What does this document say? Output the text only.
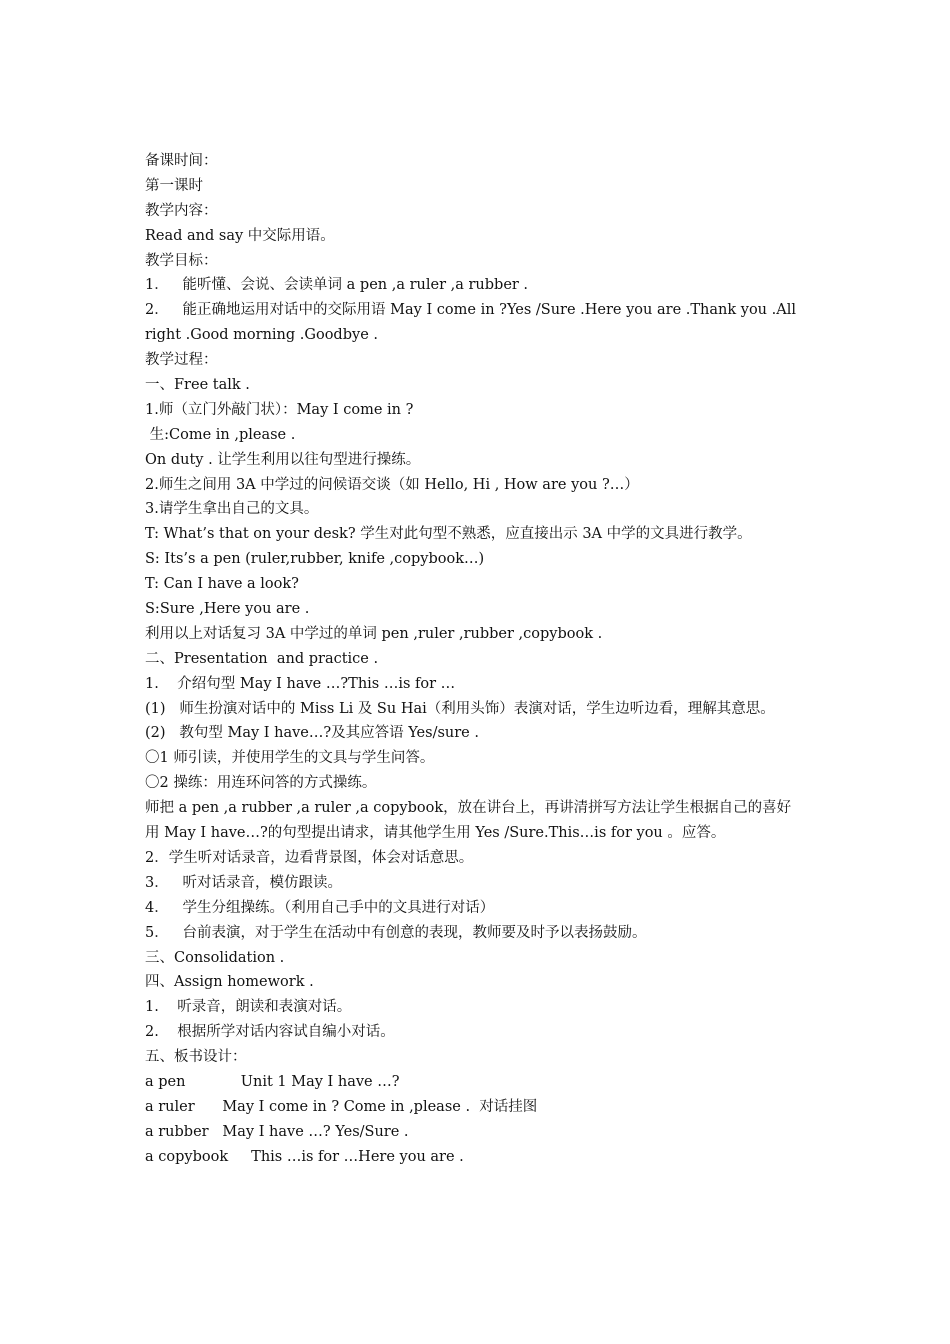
备课时间：
第一课时
教学内容：
Read and say 中交际用语。
教学目标：
1．   能听懂、会说、会读单词 a pen ,a ruler ,a rubber .
2．   能正确地运用对话中的交际用语 May I come in ?Yes /Sure .Here you are .Thank you .All
right .Good morning .Goodbye .
教学过程：
一、Free talk .
1.师（立门外敲门状）：May I come in ?
生:Come in ,please .
On duty . 让学生利用以往句型进行操练。
2.师生之间用 3A 中学过的问候语交谈（如 Hello, Hi , How are you ?…）
3.请学生拿出自己的文具。
T: What’s that on your desk? 学生对此句型不熟悉，应直接出示 3A 中学的文具进行教学。
S: Its’s a pen (ruler,rubber, knife ,copybook…)
T: Can I have a look?
S:Sure ,Here you are .
利用以上对话复习 3A 中学过的单词 pen ,ruler ,rubber ,copybook .
二、Presentation  and practice .
1.    介绍句型 May I have …?This …is for …
(1)   师生扮演对话中的 Miss Li 及 Su Hai（利用头饰）表演对话，学生边听边看，理解其意思。
(2)   教句型 May I have…?及其应答语 Yes/sure .
〇1 师引读，并使用学生的文具与学生问答。
〇2 操练：用连环问答的方式操练。
师把 a pen ,a rubber ,a ruler ,a copybook，放在讲台上，再讲清拼写方法让学生根据自己的喜好
用 May I have…?的句型提出请求，请其他学生用 Yes /Sure.This…is for you 。应答。
2．学生听对话录音，边看背景图，体会对话意思。
3．   听对话录音，模仿跟读。
4．   学生分组操练。（利用自己手中的文具进行对话）
5．   台前表演，对于学生在活动中有创意的表现，教师要及时予以表扬鼓励。
三、Consolidation .
四、Assign homework .
1.    听录音，朗读和表演对话。
2.    根据所学对话内容试自编小对话。
五、板书设计：
a pen            Unit 1 May I have …?
a ruler      May I come in ? Come in ,please .  对话挂图
a rubber   May I have …? Yes/Sure .
a copybook     This …is for …Here you are .
